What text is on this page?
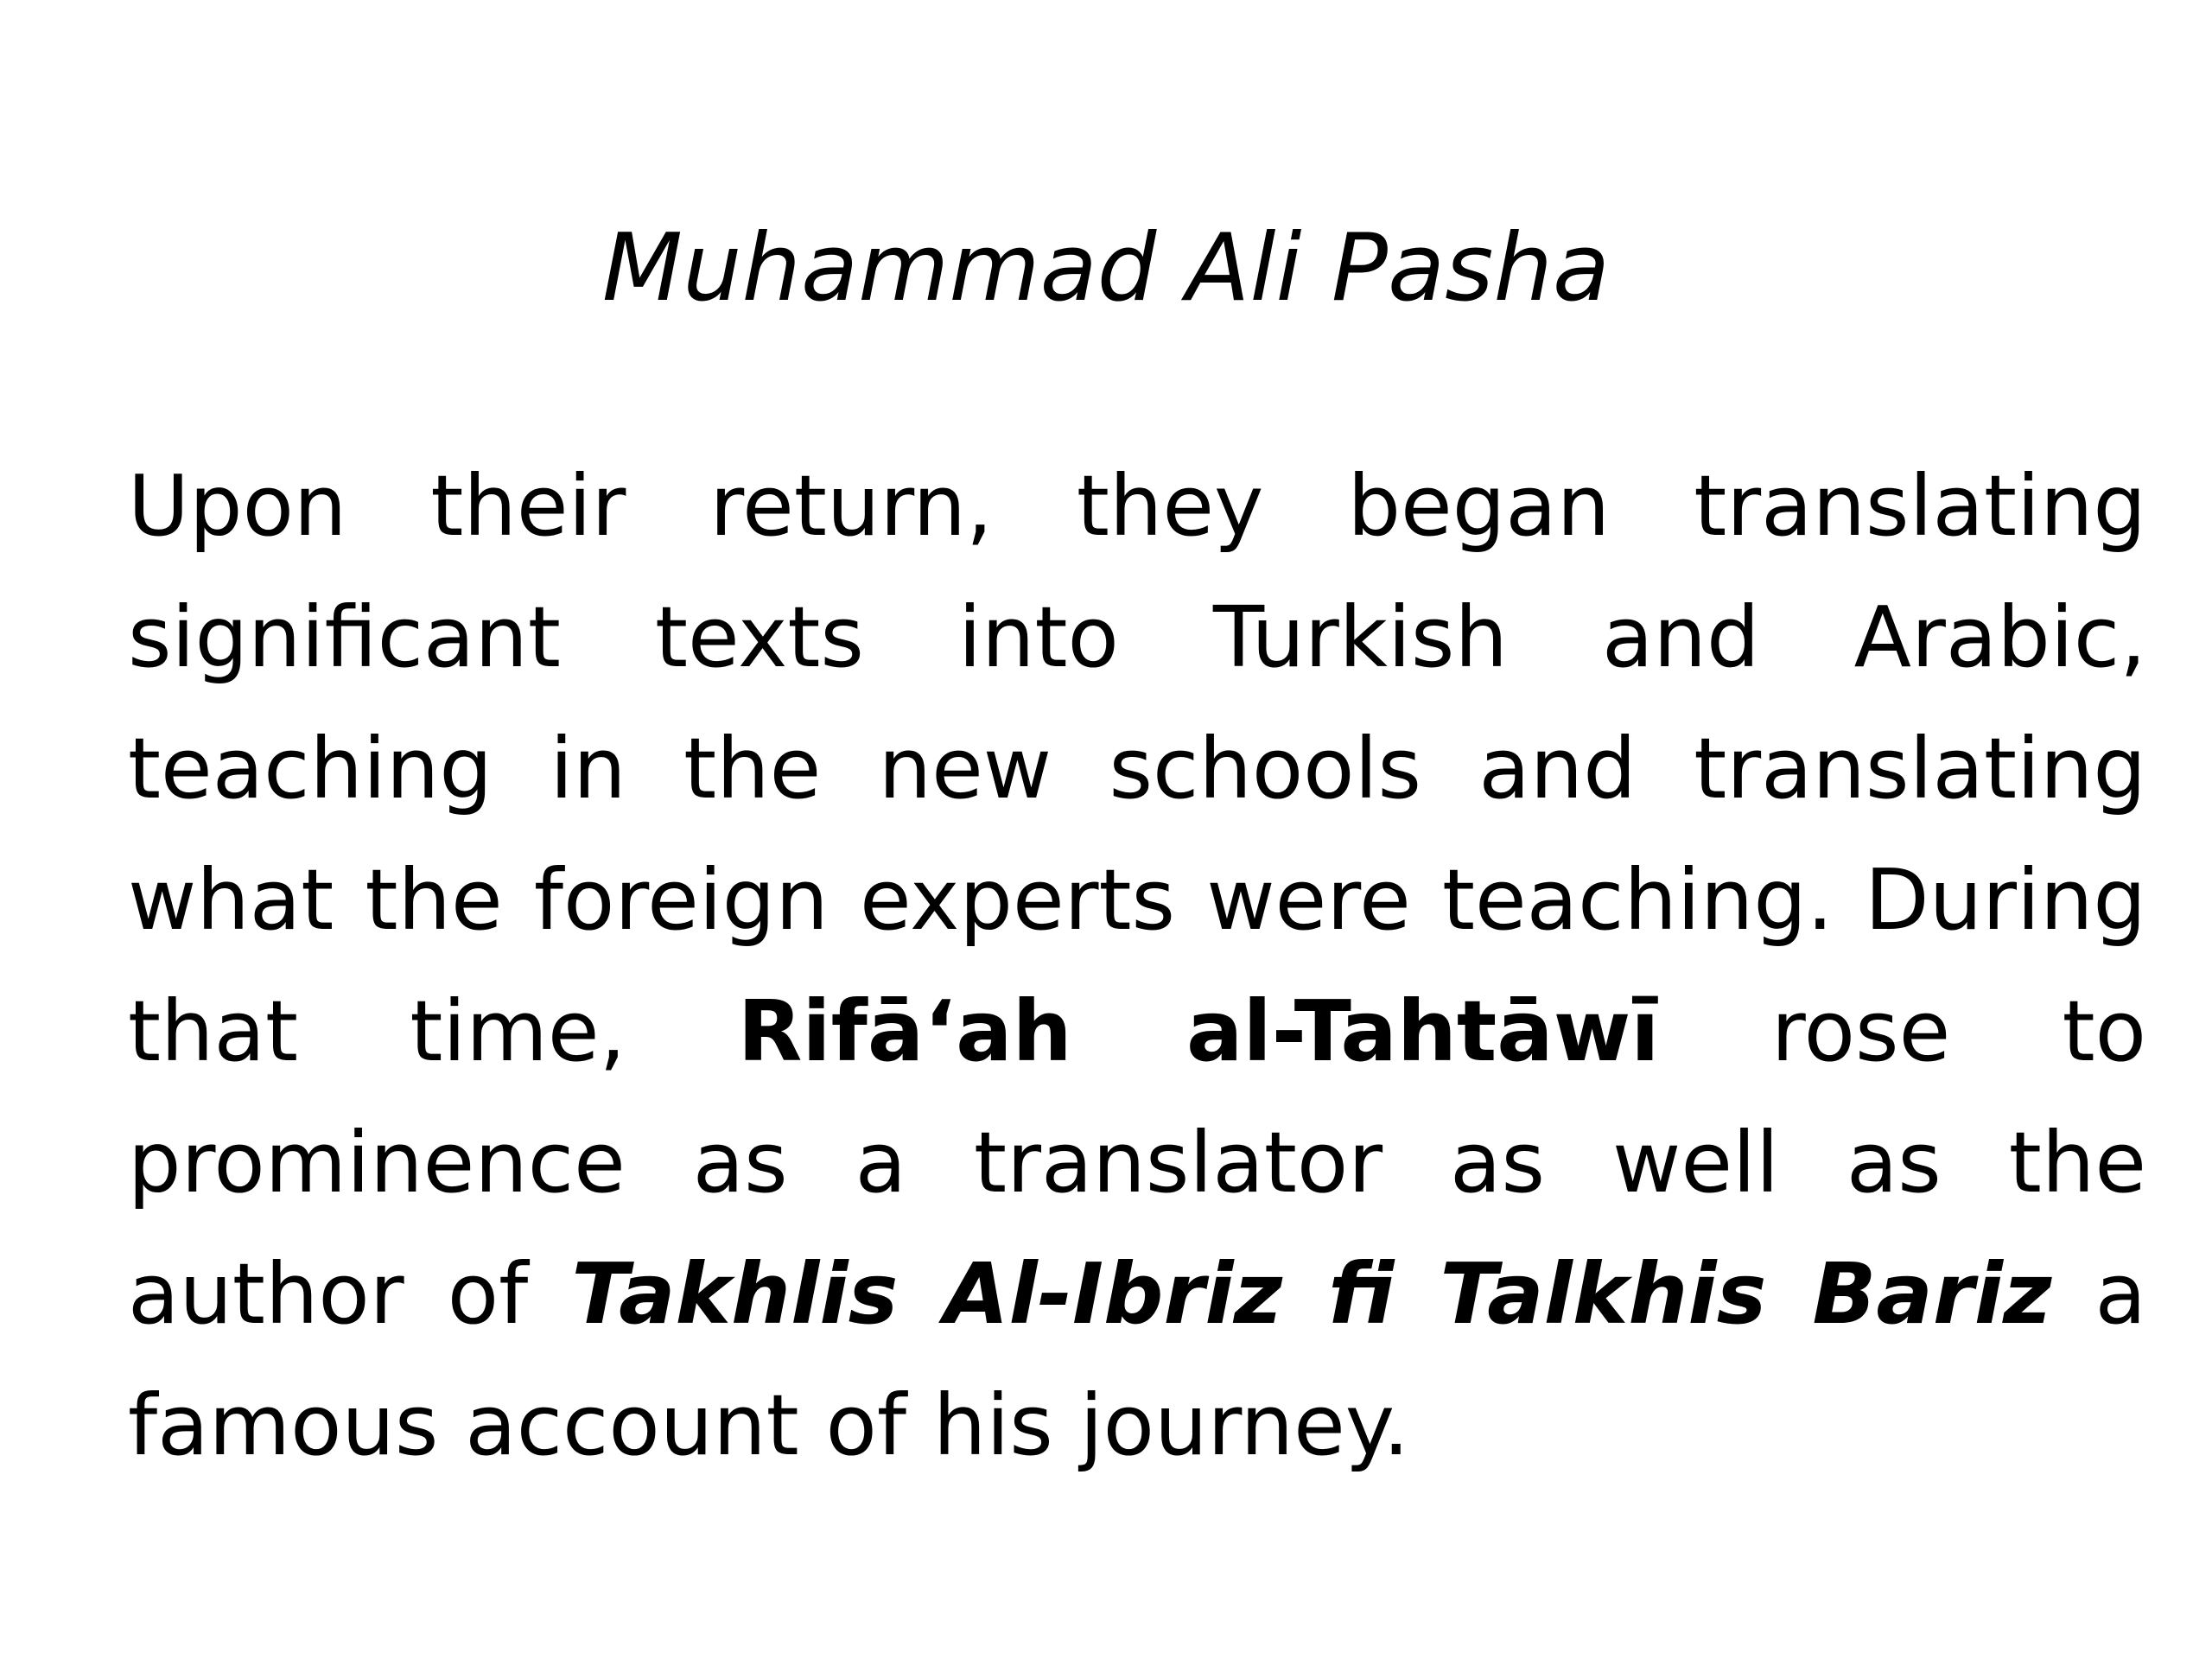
Muhammad Ali Pasha

Upon their return, they began translating significant texts into Turkish and Arabic, teaching in the new schools and translating what the foreign experts were teaching. During that time, Rifāʻah al-Tahtāwī rose to prominence as a translator as well as the author of Takhlis Al-Ibriz fi Talkhis Bariz a famous account of his journey.
